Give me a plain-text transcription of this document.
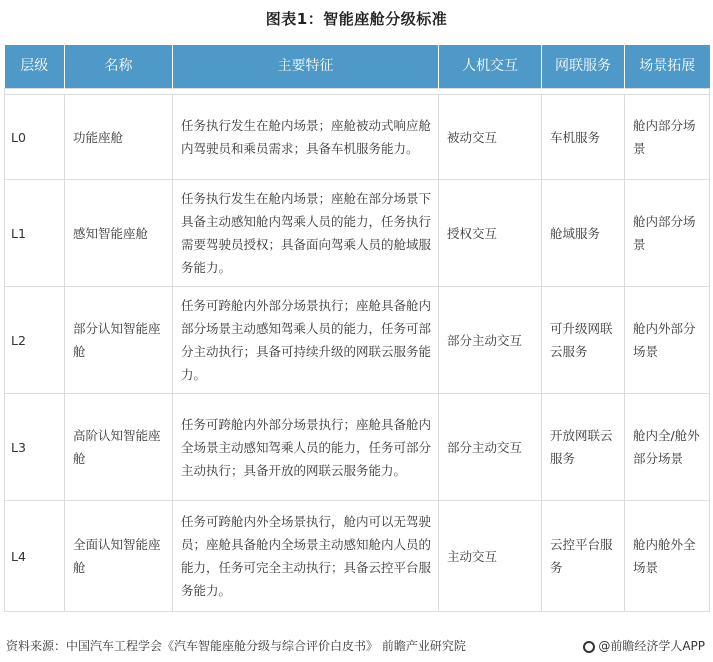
图表1：智能座舱分级标准
层级	名称	主要特征	人机交互	网联服务	场景拓展

L0	功能座舱	任务执行发生在舱内场景；座舱被动式响应舱内驾驶员和乘员需求；具备车机服务能力。	被动交互	车机服务	舱内部分场景
L1	感知智能座舱	任务执行发生在舱内场景；座舱在部分场景下具备主动感知舱内驾乘人员的能力，任务执行需要驾驶员授权；具备面向驾乘人员的舱域服务能力。	授权交互	舱域服务	舱内部分场景
L2	部分认知智能座舱	任务可跨舱内外部分场景执行；座舱具备舱内部分场景主动感知驾乘人员的能力，任务可部分主动执行；具备可持续升级的网联云服务能力。	部分主动交互	可升级网联云服务	舱内外部分场景
L3	高阶认知智能座舱	任务可跨舱内外部分场景执行；座舱具备舱内全场景主动感知驾乘人员的能力，任务可部分主动执行；具备开放的网联云服务能力。	部分主动交互	开放网联云服务	舱内全/舱外部分场景
L4	全面认知智能座舱	任务可跨舱内外全场景执行，舱内可以无驾驶员；座舱具备舱内全场景主动感知舱内人员的能力，任务可完全主动执行；具备云控平台服务能力。	主动交互	云控平台服务	舱内舱外全场景
资料来源：中国汽车工程学会《汽车智能座舱分级与综合评价白皮书》 前瞻产业研究院	@前瞻经济学人APP
